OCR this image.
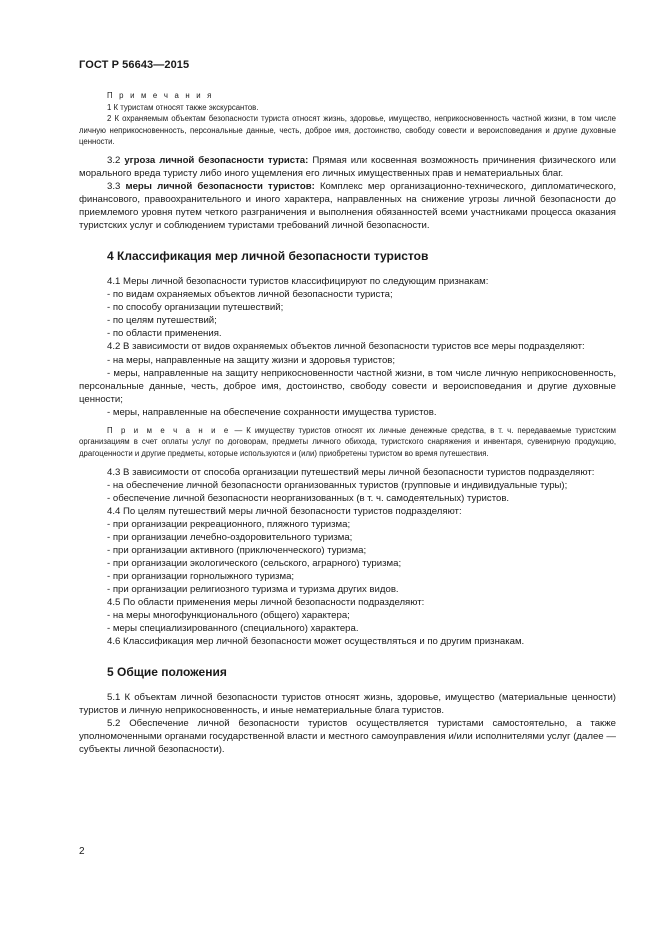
ГОСТ Р 56643—2015

П р и м е ч а н и я

1 К туристам относят также экскурсантов.

2 К охраняемым объектам безопасности туриста относят жизнь, здоровье, имущество, неприкосновенность частной жизни, в том числе личную неприкосновенность, персональные данные, честь, доброе имя, достоинство, свободу совести и вероисповедания и другие духовные ценности.

3.2 угроза личной безопасности туриста: Прямая или косвенная возможность причинения физического или морального вреда туристу либо иного ущемления его личных имущественных прав и нематериальных благ.

3.3 меры личной безопасности туристов: Комплекс мер организационно-технического, дипломатического, финансового, правоохранительного и иного характера, направленных на снижение угрозы личной безопасности до приемлемого уровня путем четкого разграничения и выполнения обязанностей всеми участниками процесса оказания туристских услуг и соблюдением туристами требований личной безопасности.

4 Классификация мер личной безопасности туристов

4.1 Меры личной безопасности туристов классифицируют по следующим признакам:

- по видам охраняемых объектов личной безопасности туриста;

- по способу организации путешествий;

- по целям путешествий;

- по области применения.

4.2 В зависимости от видов охраняемых объектов личной безопасности туристов все меры подразделяют:

- на меры, направленные на защиту жизни и здоровья туристов;

- меры, направленные на защиту неприкосновенности частной жизни, в том числе личную неприкосновенность, персональные данные, честь, доброе имя, достоинство, свободу совести и вероисповедания и другие духовные ценности;

- меры, направленные на обеспечение сохранности имущества туристов.

П р и м е ч а н и е — К имуществу туристов относят их личные денежные средства, в т. ч. передаваемые туристским организациям в счет оплаты услуг по договорам, предметы личного обихода, туристского снаряжения и инвентаря, сувенирную продукцию, драгоценности и другие предметы, которые используются и (или) приобретены туристом во время путешествия.

4.3 В зависимости от способа организации путешествий меры личной безопасности туристов подразделяют:

- на обеспечение личной безопасности организованных туристов (групповые и индивидуальные туры);

- обеспечение личной безопасности неорганизованных (в т. ч. самодеятельных) туристов.

4.4 По целям путешествий меры личной безопасности туристов подразделяют:

- при организации рекреационного, пляжного туризма;

- при организации лечебно-оздоровительного туризма;

- при организации активного (приключенческого) туризма;

- при организации экологического (сельского, аграрного) туризма;

- при организации горнолыжного туризма;

- при организации религиозного туризма и туризма других видов.

4.5 По области применения меры личной безопасности подразделяют:

- на меры многофункционального (общего) характера;

- меры специализированного (специального) характера.

4.6 Классификация мер личной безопасности может осуществляться и по другим признакам.

5 Общие положения

5.1 К объектам личной безопасности туристов относят жизнь, здоровье, имущество (материальные ценности) туристов и личную неприкосновенность, и иные нематериальные блага туристов.

5.2 Обеспечение личной безопасности туристов осуществляется туристами самостоятельно, а также уполномоченными органами государственной власти и местного самоуправления и/или исполнителями услуг (далее — субъекты личной безопасности).

2
